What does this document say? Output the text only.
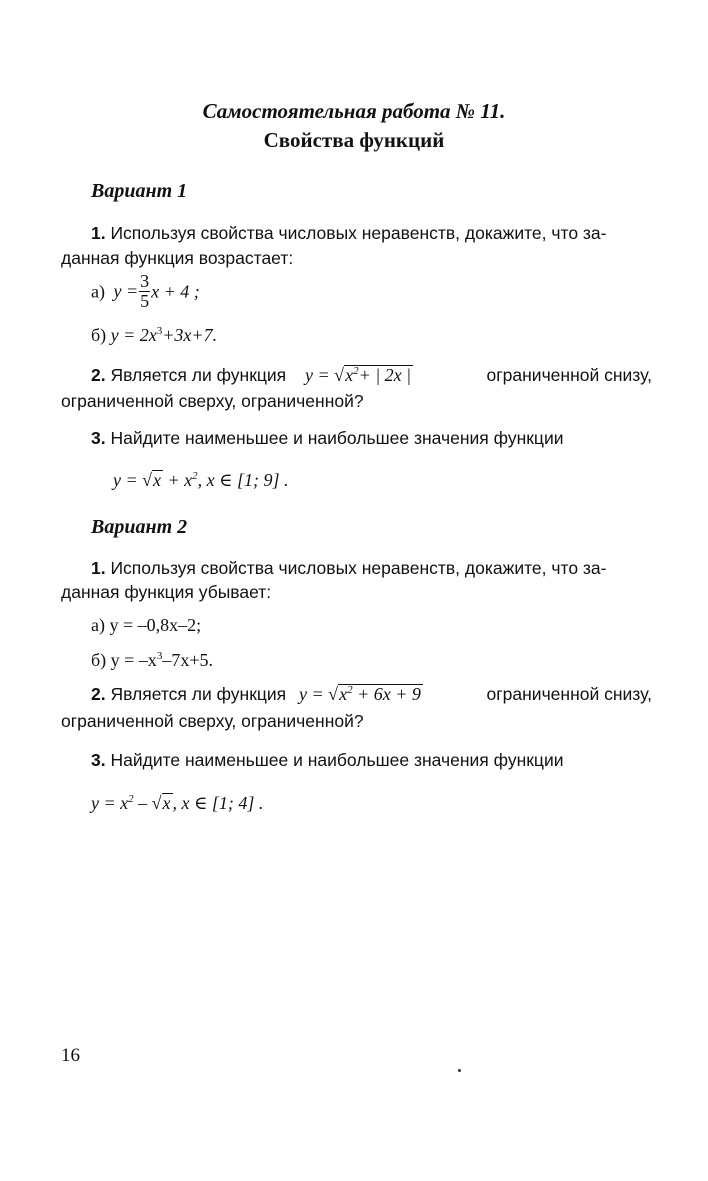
Самостоятельная работа № 11.
Свойства функций
Вариант 1
1. Используя свойства числовых неравенств, докажите, что за-
данная функция возрастает:
а) $y = \frac{3}{5}$ x + 4 ;
б) $y = 2x^3+3x+7$.
2. Является ли функция $y = √x^2+$ | 2x |	ограниченной снизу,
ограниченной сверху, ограниченной?
3. Найдите наименьшее и наибольшее значения функции
$y = √x + x^2$, x ∈ [1; 9] .
Вариант 2
1. Используя свойства числовых неравенств, докажите, что за-
данная функция убывает:
а) y = –0,8x–2;
б) $y = -x^3-7x+5$.
2. Является ли функция $y = √x^2 + 6x + 9$	ограниченной снизу,
ограниченной сверху, ограниченной?
3. Найдите наименьшее и наибольшее значения функции
$y = x^2 - √x$ , x ∈ [1; 4] .
16
